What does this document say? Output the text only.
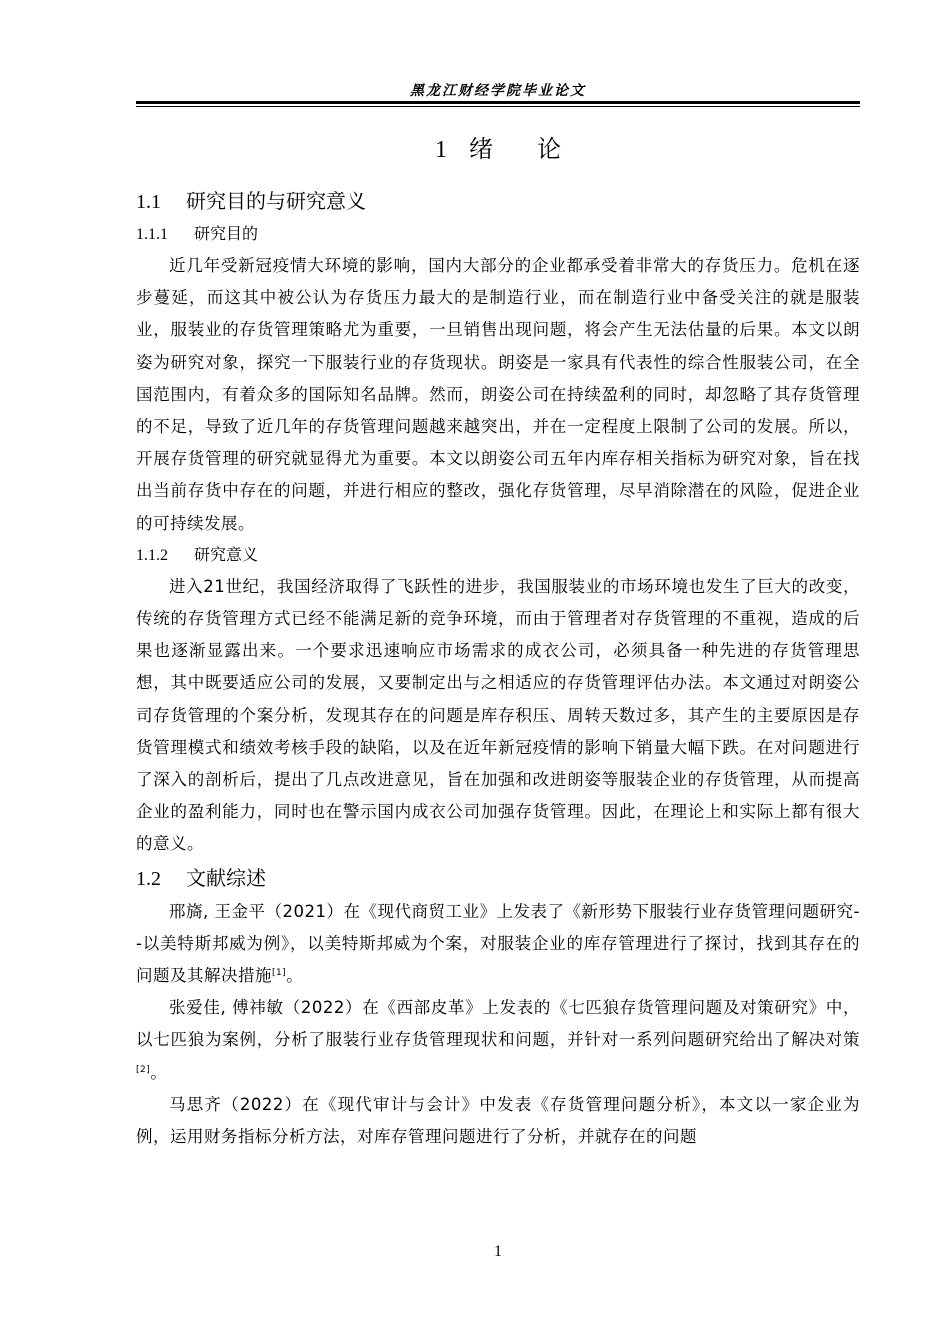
黑龙江财经学院毕业论文
1 绪 论
1.1 研究目的与研究意义
1.1.1 研究目的

近几年受新冠疫情大环境的影响，国内大部分的企业都承受着非常大的存货压力。危机在逐步蔓延，而这其中被公认为存货压力最大的是制造行业，而在制造行业中备受关注的就是服装业，服装业的存货管理策略尤为重要，一旦销售出现问题，将会产生无法估量的后果。本文以朗姿为研究对象，探究一下服装行业的存货现状。朗姿是一家具有代表性的综合性服装公司，在全国范围内，有着众多的国际知名品牌。然而，朗姿公司在持续盈利的同时，却忽略了其存货管理的不足，导致了近几年的存货管理问题越来越突出，并在一定程度上限制了公司的发展。所以，开展存货管理的研究就显得尤为重要。本文以朗姿公司五年内库存相关指标为研究对象，旨在找出当前存货中存在的问题，并进行相应的整改，强化存货管理，尽早消除潜在的风险，促进企业的可持续发展。

1.1.2 研究意义

进入21世纪，我国经济取得了飞跃性的进步，我国服装业的市场环境也发生了巨大的改变，传统的存货管理方式已经不能满足新的竞争环境，而由于管理者对存货管理的不重视，造成的后果也逐渐显露出来。一个要求迅速响应市场需求的成衣公司，必须具备一种先进的存货管理思想，其中既要适应公司的发展，又要制定出与之相适应的存货管理评估办法。本文通过对朗姿公司存货管理的个案分析，发现其存在的问题是库存积压、周转天数过多，其产生的主要原因是存货管理模式和绩效考核手段的缺陷，以及在近年新冠疫情的影响下销量大幅下跌。在对问题进行了深入的剖析后，提出了几点改进意见，旨在加强和改进朗姿等服装企业的存货管理，从而提高企业的盈利能力，同时也在警示国内成衣公司加强存货管理。因此，在理论上和实际上都有很大的意义。

1.2 文献综述

邢旖, 王金平（2021）在《现代商贸工业》上发表了《新形势下服装行业存货管理问题研究--以美特斯邦威为例》，以美特斯邦威为个案，对服装企业的库存管理进行了探讨，找到其存在的问题及其解决措施[1]。

张爱佳, 傅祎敏（2022）在《西部皮革》上发表的《七匹狼存货管理问题及对策研究》中，以七匹狼为案例，分析了服装行业存货管理现状和问题，并针对一系列问题研究给出了解决对策[2]。

马思齐（2022）在《现代审计与会计》中发表《存货管理问题分析》，本文以一家企业为例，运用财务指标分析方法，对库存管理问题进行了分析，并就存在的问题

1
